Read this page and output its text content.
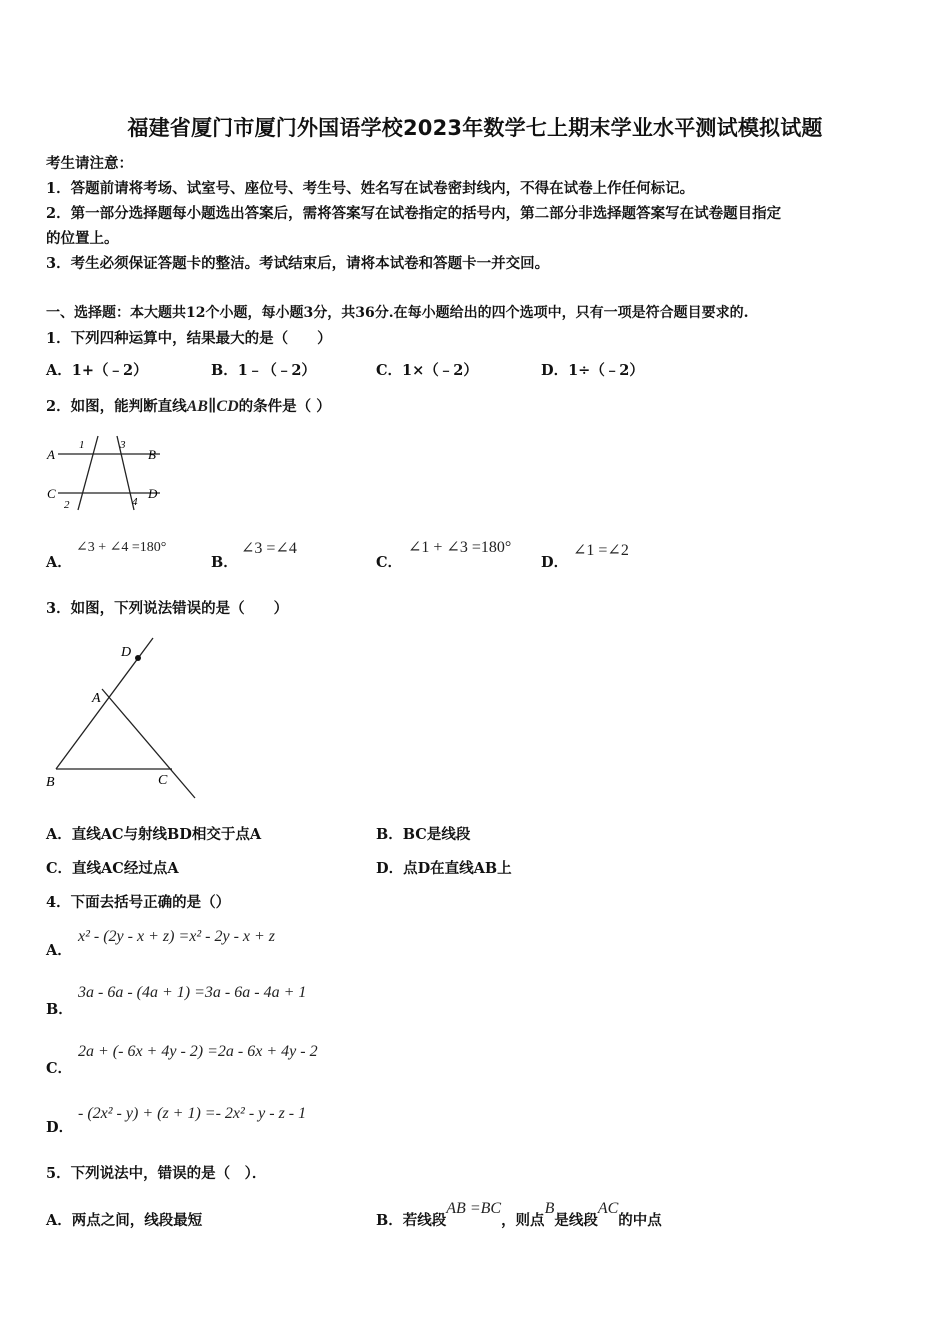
福建省厦门市厦门外国语学校2023年数学七上期末学业水平测试模拟试题
考生请注意：
1．答题前请将考场、试室号、座位号、考生号、姓名写在试卷密封线内，不得在试卷上作任何标记。
2．第一部分选择题每小题选出答案后，需将答案写在试卷指定的括号内，第二部分非选择题答案写在试卷题目指定
的位置上。
3．考生必须保证答题卡的整洁。考试结束后，请将本试卷和答题卡一并交回。
一、选择题：本大题共12个小题，每小题3分，共36分.在每小题给出的四个选项中，只有一项是符合题目要求的.
1．下列四种运算中，结果最大的是（　　）
A．1+（﹣2）	B．1﹣（﹣2）	C．1×（﹣2）	D．1÷（﹣2）
2．如图，能判断直线AB∥CD的条件是（ ）
A	B
C	D
1
2
3
4
A．
∠3 + ∠4 =180°
B．
∠3 =∠4
C．
∠1 + ∠3 =180°
D．
∠1 =∠2
3．如图，下列说法错误的是（　　）
D
A
B	C
A．直线AC与射线BD相交于点A	B．BC是线段
C．直线AC经过点A	D．点D在直线AB上
4．下面去括号正确的是（）
A．
x² - (2y - x + z) =x² - 2y - x + z
B．
3a - 6a - (4a + 1) =3a - 6a - 4a + 1
C．
2a + (- 6x + 4y - 2) =2a - 6x + 4y - 2
D．
- (2x² - y) + (z + 1) =- 2x² - y - z - 1
5．下列说法中，错误的是（　）．
A．两点之间，线段最短	B．若线段AB =BC，则点B是线段AC的中点
